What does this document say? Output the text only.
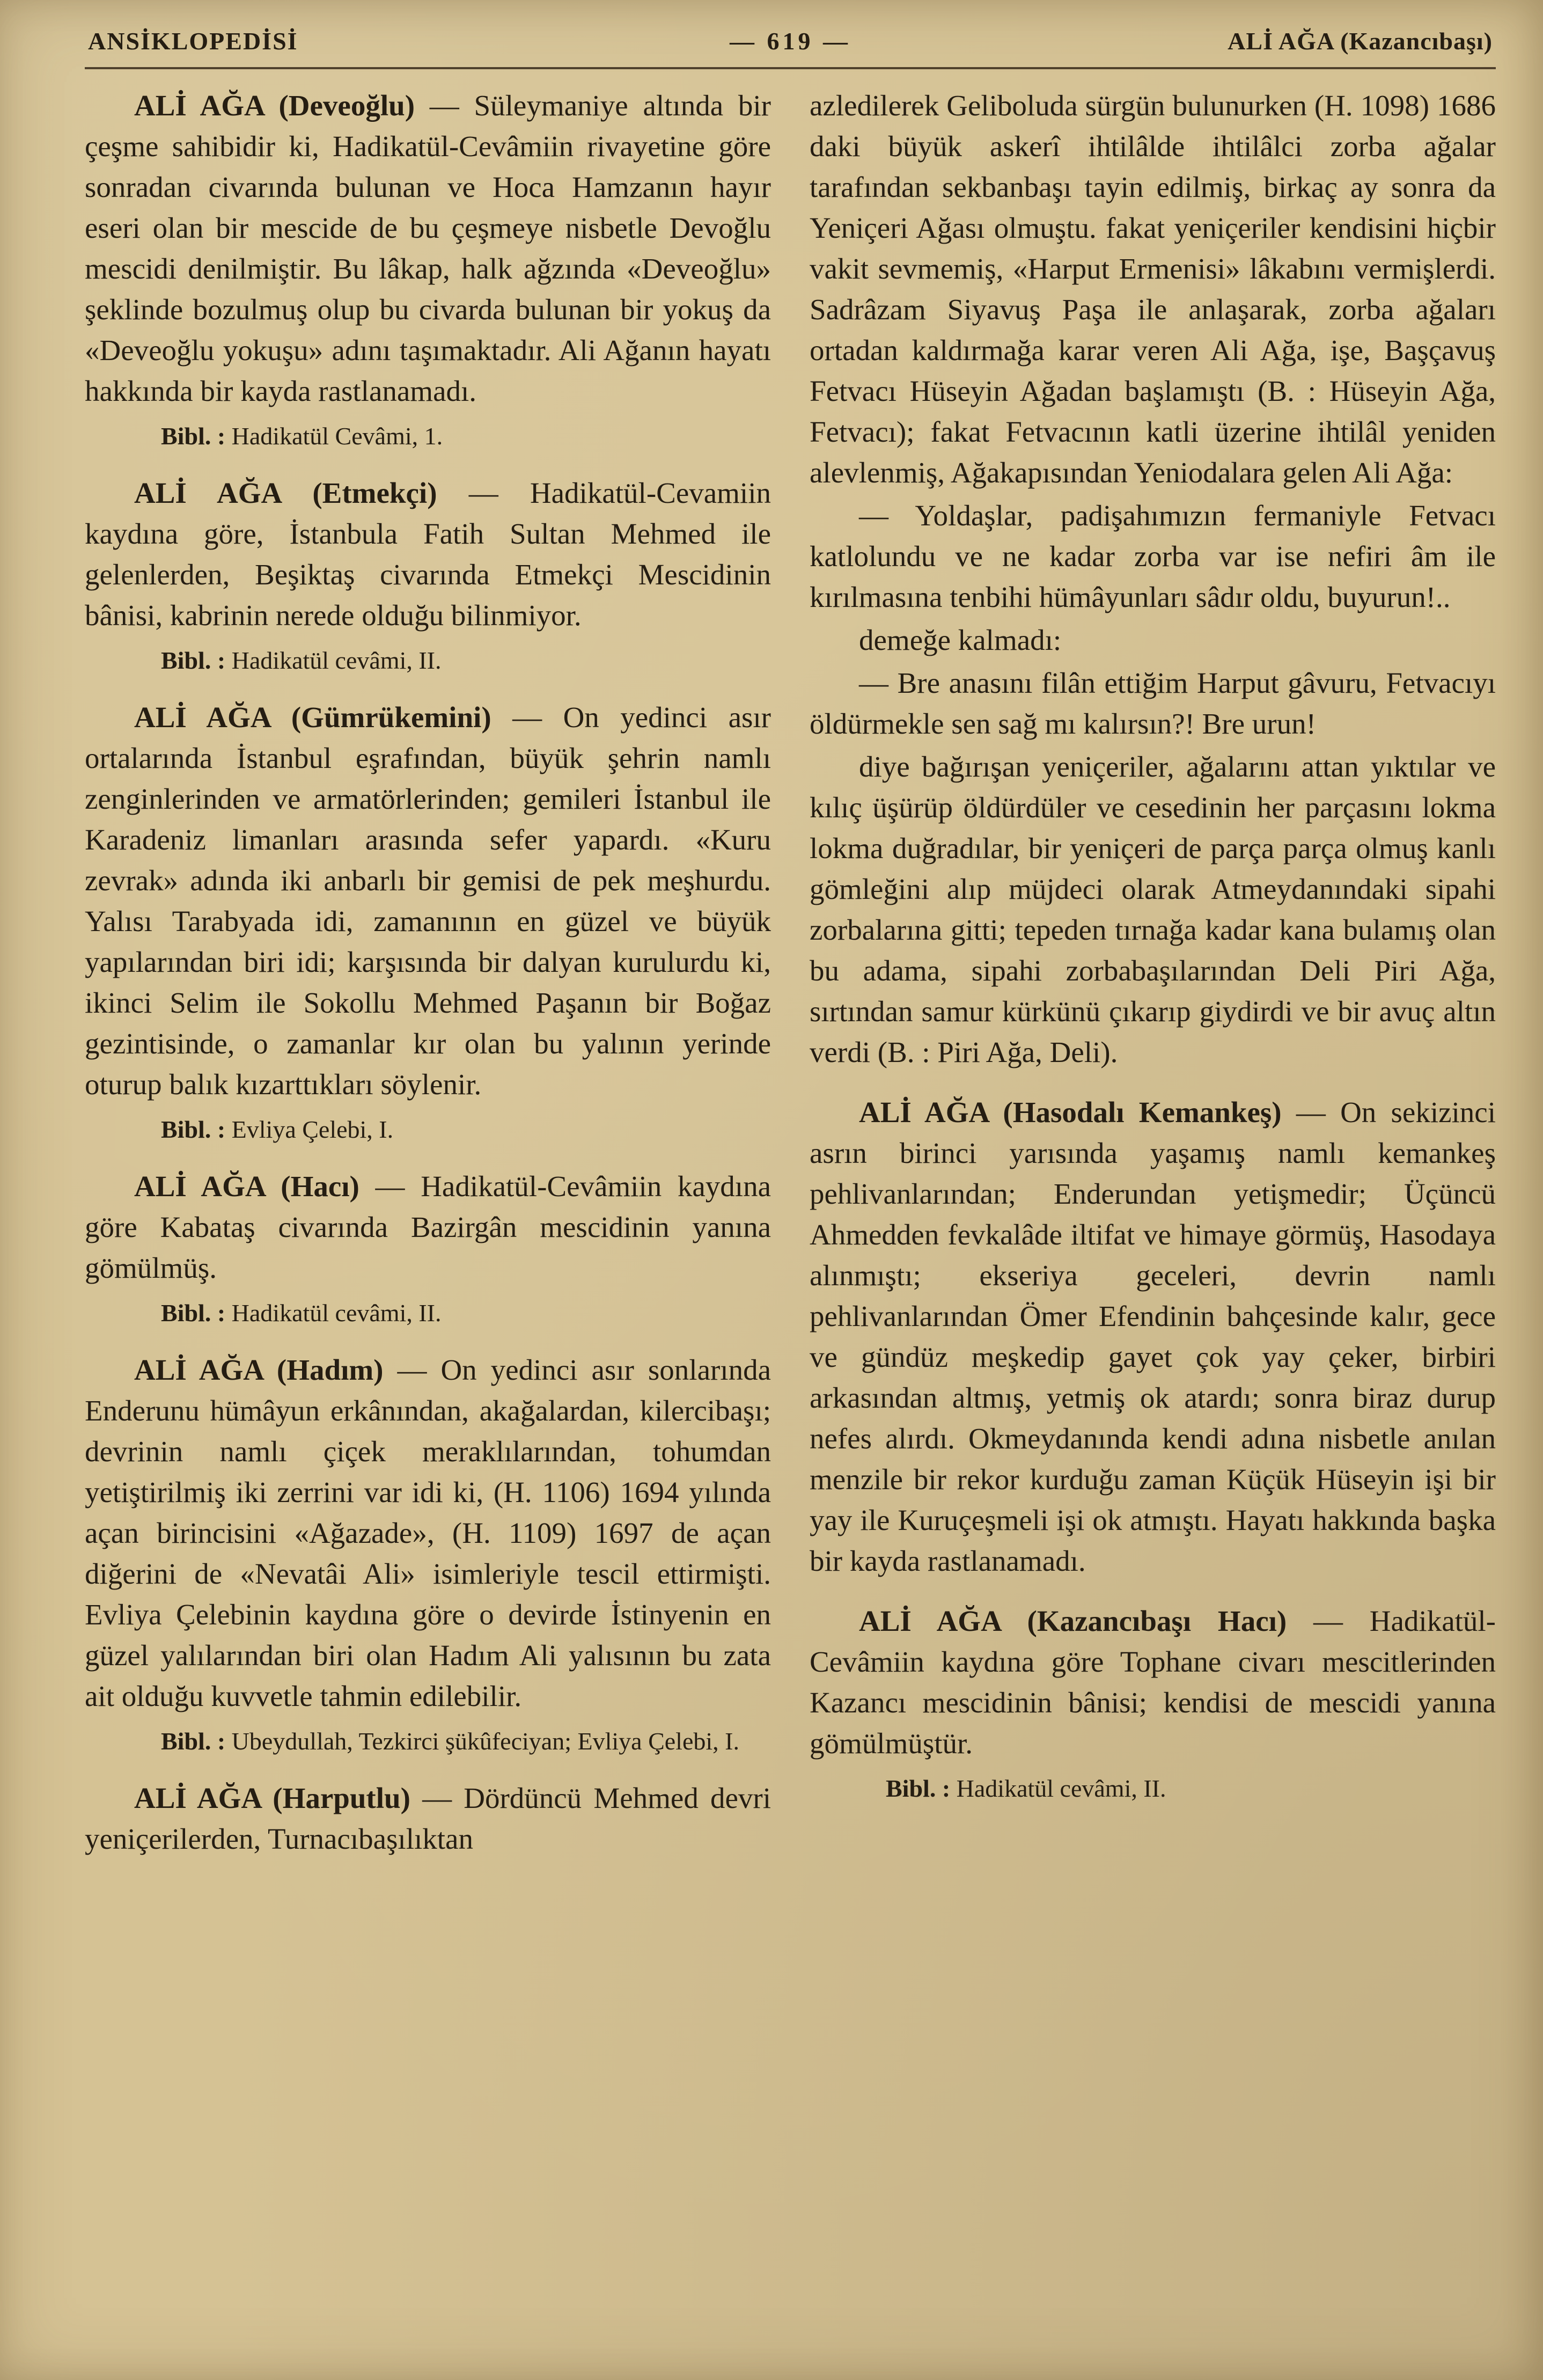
ANSİKLOPEDİSİ	— 619 —	ALİ AĞA (Kazancıbaşı)

ALİ AĞA (Deveoğlu) — Süleymaniye altında bir çeşme sahibidir ki, Hadikatül-Cevâmiin rivayetine göre sonradan civarında bulunan ve Hoca Hamzanın hayır eseri olan bir mescide de bu çeşmeye nisbetle Devoğlu mescidi denilmiştir. Bu lâkap, halk ağzında «Deveoğlu» şeklinde bozulmuş olup bu civarda bulunan bir yokuş da «Deveoğlu yokuşu» adını taşımaktadır. Ali Ağanın hayatı hakkında bir kayda rastlanamadı.

Bibl. : Hadikatül Cevâmi, 1.

ALİ AĞA (Etmekçi) — Hadikatül-Cevamiin kaydına göre, İstanbula Fatih Sultan Mehmed ile gelenlerden, Beşiktaş civarında Etmekçi Mescidinin bânisi, kabrinin nerede olduğu bilinmiyor.

Bibl. : Hadikatül cevâmi, II.

ALİ AĞA (Gümrükemini) — On yedinci asır ortalarında İstanbul eşrafından, büyük şehrin namlı zenginlerinden ve armatörlerinden; gemileri İstanbul ile Karadeniz limanları arasında sefer yapardı. «Kuru zevrak» adında iki anbarlı bir gemisi de pek meşhurdu. Yalısı Tarabyada idi, zamanının en güzel ve büyük yapılarından biri idi; karşısında bir dalyan kurulurdu ki, ikinci Selim ile Sokollu Mehmed Paşanın bir Boğaz gezintisinde, o zamanlar kır olan bu yalının yerinde oturup balık kızarttıkları söylenir.

Bibl. : Evliya Çelebi, I.

ALİ AĞA (Hacı) — Hadikatül-Cevâmiin kaydına göre Kabataş civarında Bazirgân mescidinin yanına gömülmüş.

Bibl. : Hadikatül cevâmi, II.

ALİ AĞA (Hadım) — On yedinci asır sonlarında Enderunu hümâyun erkânından, akağalardan, kilercibaşı; devrinin namlı çiçek meraklılarından, tohumdan yetiştirilmiş iki zerrini var idi ki, (H. 1106) 1694 yılında açan birincisini «Ağazade», (H. 1109) 1697 de açan diğerini de «Nevatâi Ali» isimleriyle tescil ettirmişti. Evliya Çelebinin kaydına göre o devirde İstinyenin en güzel yalılarından biri olan Hadım Ali yalısının bu zata ait olduğu kuvvetle tahmin edilebilir.

Bibl. : Ubeydullah, Tezkirci şükûfeciyan; Evliya Çelebi, I.

ALİ AĞA (Harputlu) — Dördüncü Mehmed devri yeniçerilerden, Turnacıbaşılıktan

azledilerek Geliboluda sürgün bulunurken (H. 1098) 1686 daki büyük askerî ihtilâlde ihtilâlci zorba ağalar tarafından sekbanbaşı tayin edilmiş, birkaç ay sonra da Yeniçeri Ağası olmuştu. fakat yeniçeriler kendisini hiçbir vakit sevmemiş, «Harput Ermenisi» lâkabını vermişlerdi. Sadrâzam Siyavuş Paşa ile anlaşarak, zorba ağaları ortadan kaldırmağa karar veren Ali Ağa, işe, Başçavuş Fetvacı Hüseyin Ağadan başlamıştı (B. : Hüseyin Ağa, Fetvacı); fakat Fetvacının katli üzerine ihtilâl yeniden alevlenmiş, Ağakapısından Yeniodalara gelen Ali Ağa:

— Yoldaşlar, padişahımızın fermaniyle Fetvacı katlolundu ve ne kadar zorba var ise nefiri âm ile kırılmasına tenbihi hümâyunları sâdır oldu, buyurun!..

demeğe kalmadı:

— Bre anasını filân ettiğim Harput gâvuru, Fetvacıyı öldürmekle sen sağ mı kalırsın?! Bre urun!

diye bağırışan yeniçeriler, ağalarını attan yıktılar ve kılıç üşürüp öldürdüler ve cesedinin her parçasını lokma lokma duğradılar, bir yeniçeri de parça parça olmuş kanlı gömleğini alıp müjdeci olarak Atmeydanındaki sipahi zorbalarına gitti; tepeden tırnağa kadar kana bulamış olan bu adama, sipahi zorbabaşılarından Deli Piri Ağa, sırtından samur kürkünü çıkarıp giydirdi ve bir avuç altın verdi (B. : Piri Ağa, Deli).

ALİ AĞA (Hasodalı Kemankeş) — On sekizinci asrın birinci yarısında yaşamış namlı kemankeş pehlivanlarından; Enderundan yetişmedir; Üçüncü Ahmedden fevkalâde iltifat ve himaye görmüş, Hasodaya alınmıştı; ekseriya geceleri, devrin namlı pehlivanlarından Ömer Efendinin bahçesinde kalır, gece ve gündüz meşkedip gayet çok yay çeker, birbiri arkasından altmış, yetmiş ok atardı; sonra biraz durup nefes alırdı. Okmeydanında kendi adına nisbetle anılan menzile bir rekor kurduğu zaman Küçük Hüseyin işi bir yay ile Kuruçeşmeli işi ok atmıştı. Hayatı hakkında başka bir kayda rastlanamadı.

ALİ AĞA (Kazancıbaşı Hacı) — Hadikatül-Cevâmiin kaydına göre Tophane civarı mescitlerinden Kazancı mescidinin bânisi; kendisi de mescidi yanına gömülmüştür.

Bibl. : Hadikatül cevâmi, II.
